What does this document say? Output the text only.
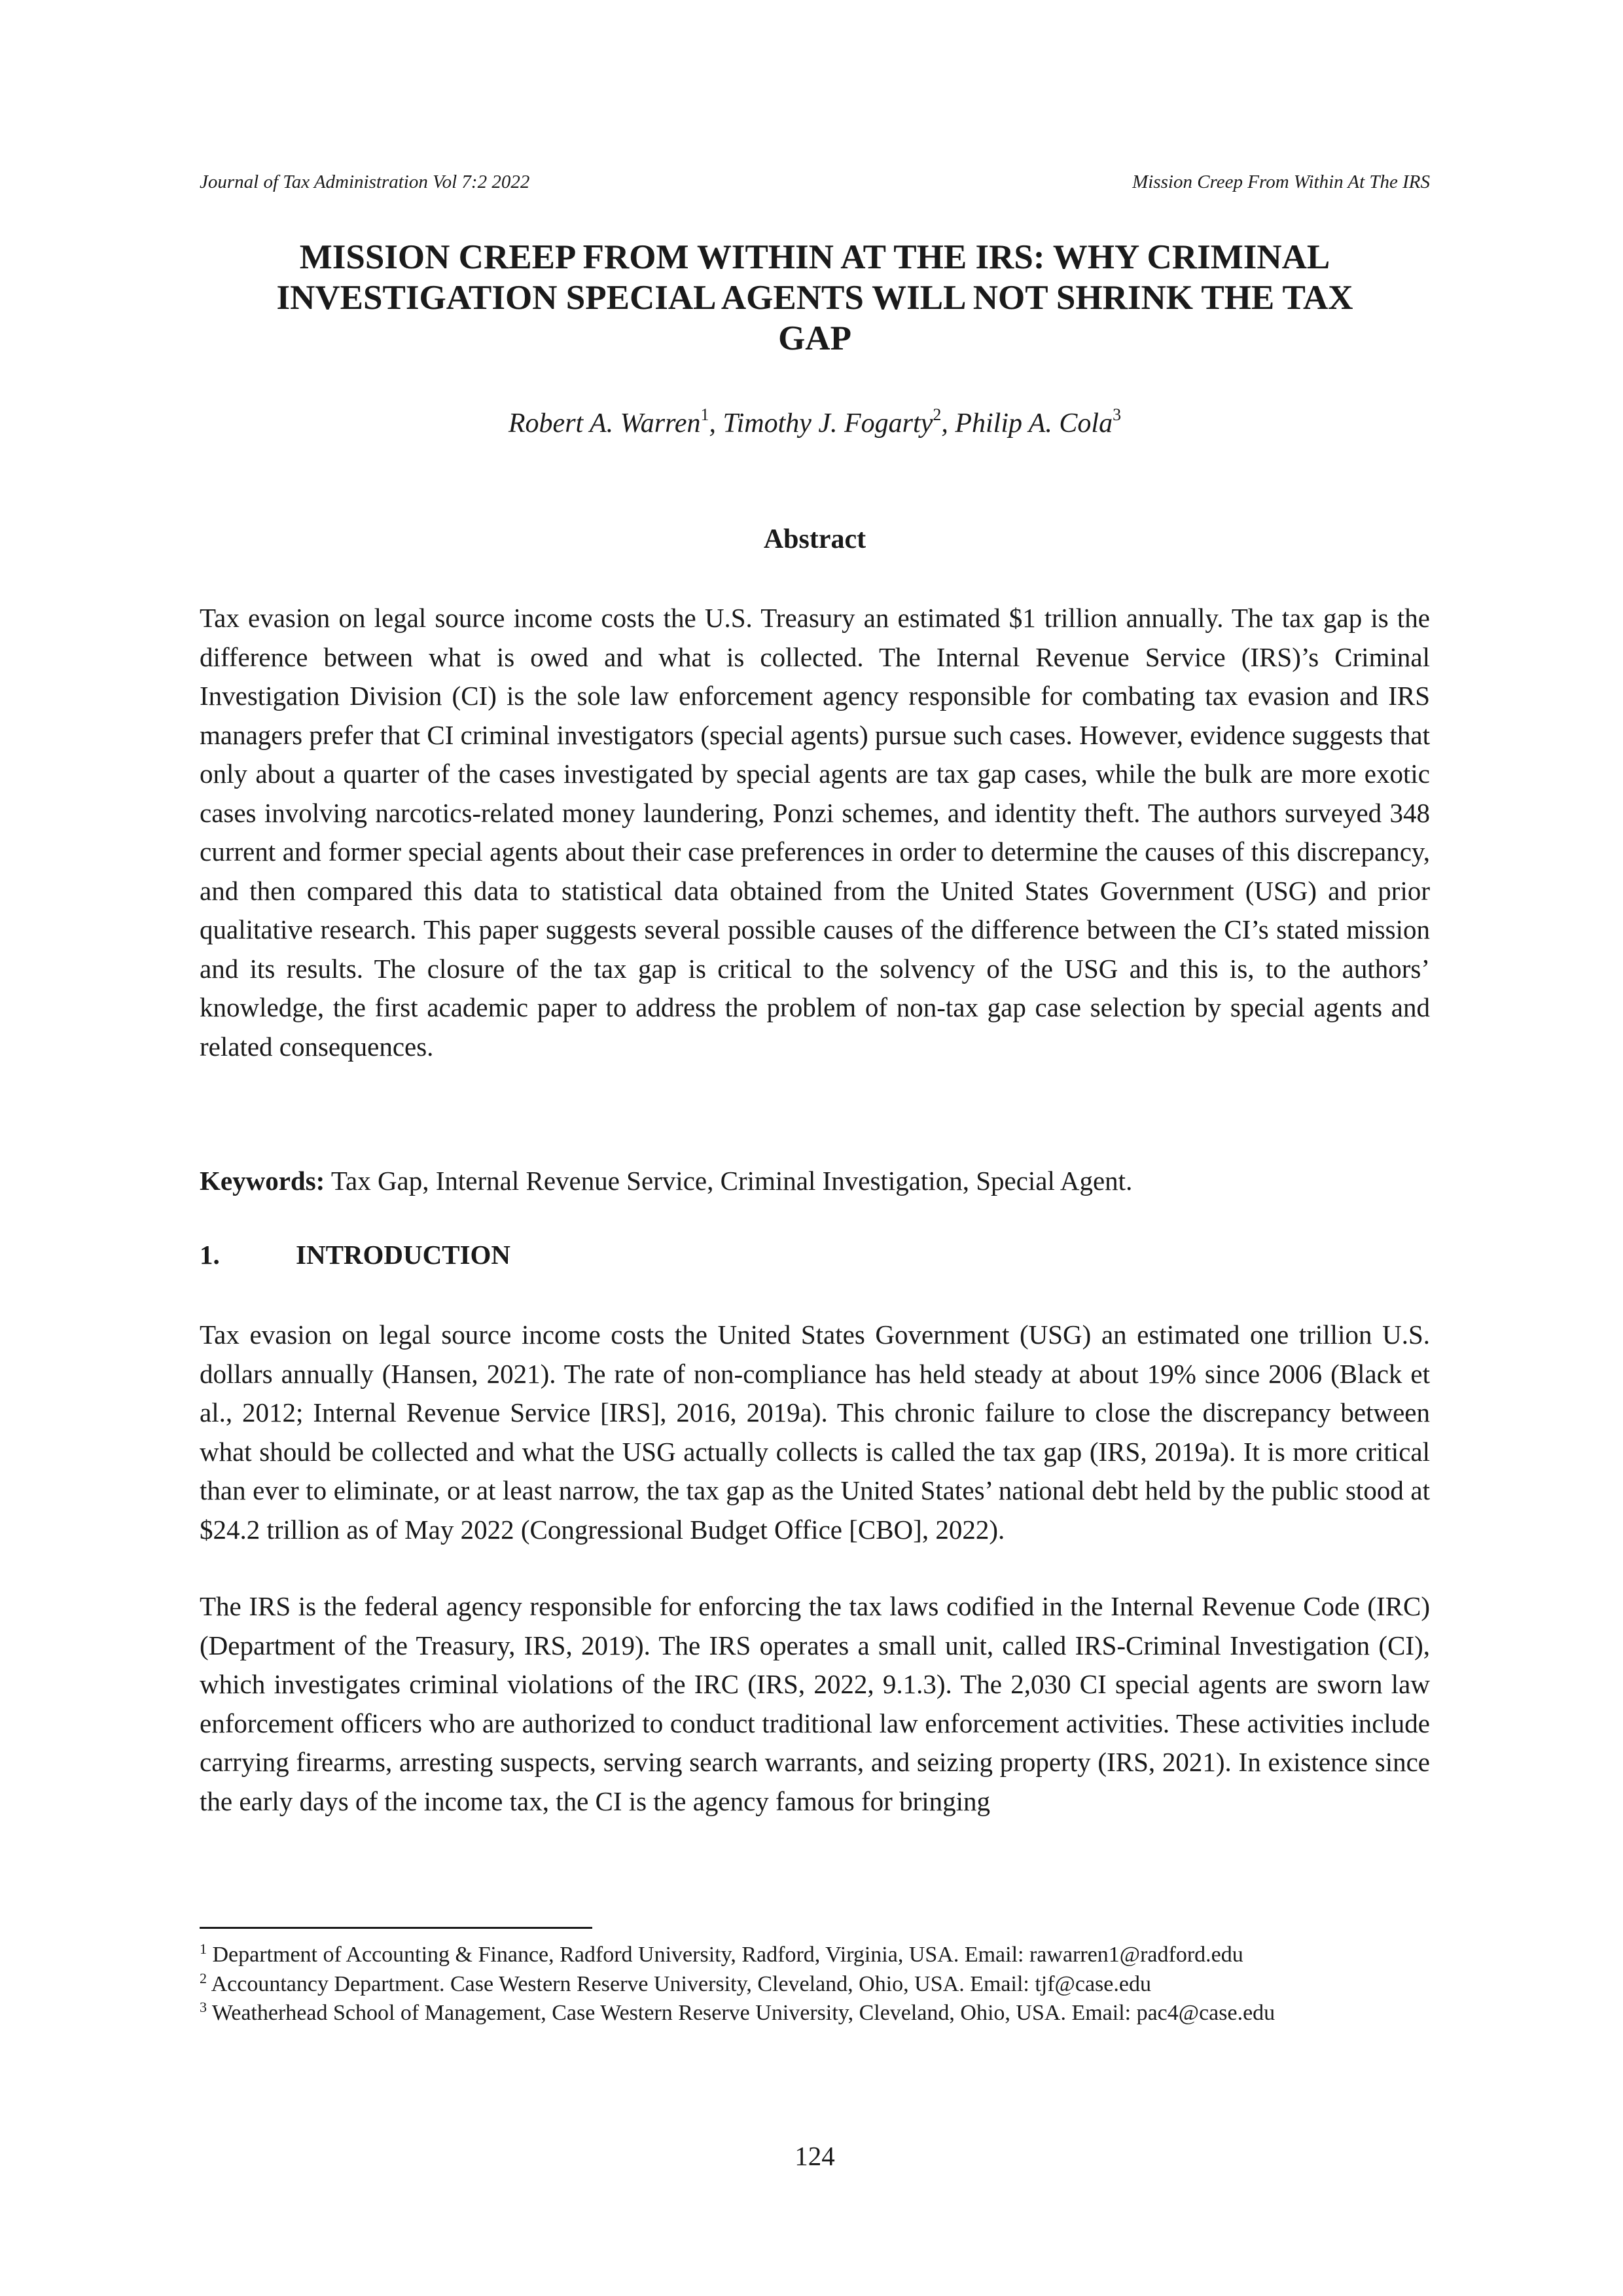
Journal of Tax Administration Vol 7:2 2022	Mission Creep From Within At The IRS
MISSION CREEP FROM WITHIN AT THE IRS: WHY CRIMINAL
INVESTIGATION SPECIAL AGENTS WILL NOT SHRINK THE TAX
GAP
Robert A. Warren$^1$, Timothy J. Fogarty$^2$, Philip A. Cola$^3$
Abstract

Tax evasion on legal source income costs the U.S. Treasury an estimated $1 trillion annually. The tax gap is the difference between what is owed and what is collected. The Internal Revenue Service (IRS)’s Criminal Investigation Division (CI) is the sole law enforcement agency responsible for combating tax evasion and IRS managers prefer that CI criminal investigators (special agents) pursue such cases. However, evidence suggests that only about a quarter of the cases investigated by special agents are tax gap cases, while the bulk are more exotic cases involving narcotics-related money laundering, Ponzi schemes, and identity theft. The authors surveyed 348 current and former special agents about their case preferences in order to determine the causes of this discrepancy, and then compared this data to statistical data obtained from the United States Government (USG) and prior qualitative research. This paper suggests several possible causes of the difference between the CI’s stated mission and its results. The closure of the tax gap is critical to the solvency of the USG and this is, to the authors’ knowledge, the first academic paper to address the problem of non-tax gap case selection by special agents and related consequences.

Keywords: Tax Gap, Internal Revenue Service, Criminal Investigation, Special Agent.

1.	INTRODUCTION

Tax evasion on legal source income costs the United States Government (USG) an estimated one trillion U.S. dollars annually (Hansen, 2021). The rate of non-compliance has held steady at about 19% since 2006 (Black et al., 2012; Internal Revenue Service [IRS], 2016, 2019a). This chronic failure to close the discrepancy between what should be collected and what the USG actually collects is called the tax gap (IRS, 2019a). It is more critical than ever to eliminate, or at least narrow, the tax gap as the United States’ national debt held by the public stood at $24.2 trillion as of May 2022 (Congressional Budget Office [CBO], 2022).

The IRS is the federal agency responsible for enforcing the tax laws codified in the Internal Revenue Code (IRC) (Department of the Treasury, IRS, 2019). The IRS operates a small unit, called IRS-Criminal Investigation (CI), which investigates criminal violations of the IRC (IRS, 2022, 9.1.3). The 2,030 CI special agents are sworn law enforcement officers who are authorized to conduct traditional law enforcement activities. These activities include carrying firearms, arresting suspects, serving search warrants, and seizing property (IRS, 2021). In existence since the early days of the income tax, the CI is the agency famous for bringing

$^1$ Department of Accounting & Finance, Radford University, Radford, Virginia, USA. Email: rawarren1@radford.edu

$^2$ Accountancy Department. Case Western Reserve University, Cleveland, Ohio, USA. Email: tjf@case.edu

$^3$ Weatherhead School of Management, Case Western Reserve University, Cleveland, Ohio, USA. Email: pac4@case.edu

124
